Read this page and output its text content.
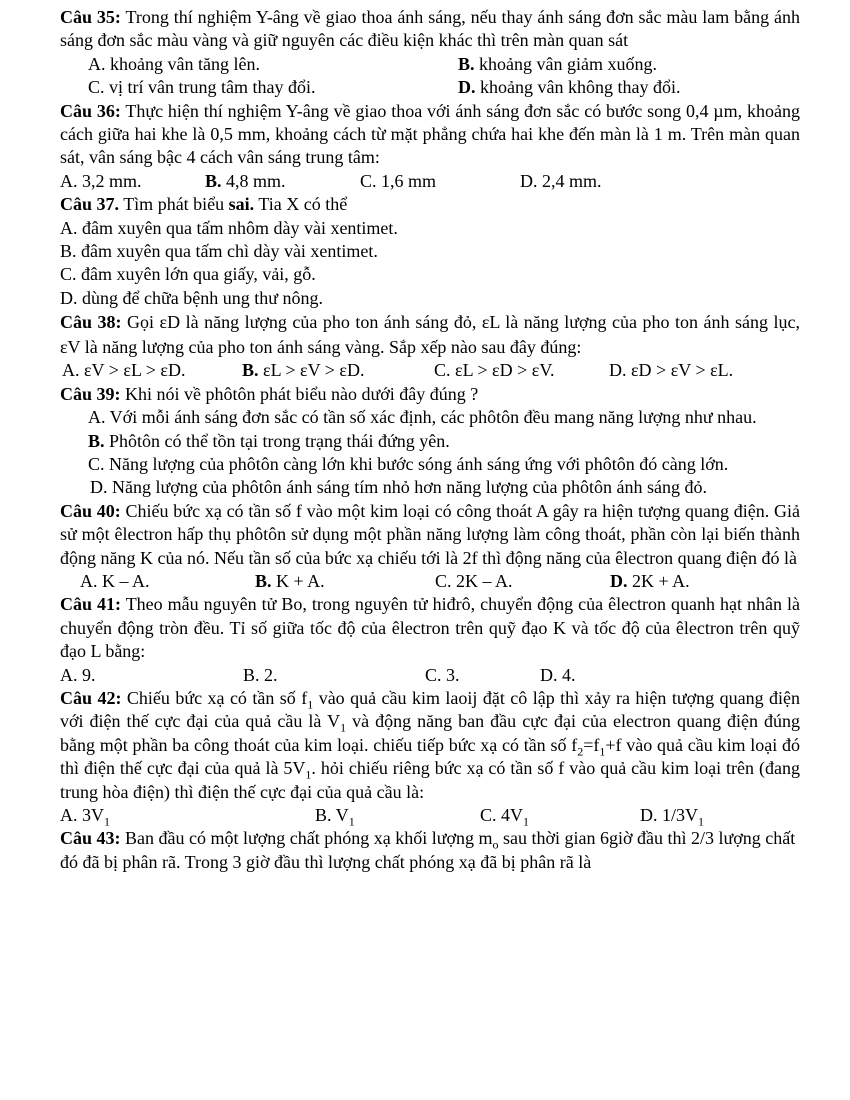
Câu 35: Trong thí nghiệm Y-âng về giao thoa ánh sáng, nếu thay ánh sáng đơn sắc màu lam bằng ánh sáng đơn sắc màu vàng và giữ nguyên các điều kiện khác thì trên màn quan sát

A. khoảng vân tăng lên.	B. khoảng vân giảm xuống.
C. vị trí vân trung tâm thay đổi.	D. khoảng vân không thay đổi.

Câu 36: Thực hiện thí nghiệm Y-âng về giao thoa với ánh sáng đơn sắc có bước song 0,4 µm, khoảng cách giữa hai khe là 0,5 mm, khoảng cách từ mặt phẳng chứa hai khe đến màn là 1 m. Trên màn quan sát, vân sáng bậc 4 cách vân sáng trung tâm:

A. 3,2 mm.	B. 4,8 mm.	C. 1,6 mm	D. 2,4 mm.

Câu 37. Tìm phát biểu sai. Tia X có thể

A. đâm xuyên qua tấm nhôm dày vài xentimet.

B. đâm xuyên qua tấm chì dày vài xentimet.

C. đâm xuyên lớn qua giấy, vải, gỗ.

D. dùng để chữa bệnh ung thư nông.

Câu 38: Gọi εD là năng lượng của pho ton ánh sáng đỏ, εL là năng lượng của pho ton ánh sáng lục, εV là năng lượng của pho ton ánh sáng vàng. Sắp xếp nào sau đây đúng:

A. εV > εL > εD.	B. εL > εV > εD.	C. εL > εD > εV.	D. εD > εV > εL.

Câu 39: Khi nói về phôtôn phát biểu nào dưới đây đúng ?

A. Với mỗi ánh sáng đơn sắc có tần số xác định, các phôtôn đều mang năng lượng như nhau.

B. Phôtôn có thể tồn tại trong trạng thái đứng yên.

C. Năng lượng của phôtôn càng lớn khi bước sóng ánh sáng ứng với phôtôn đó càng lớn.

D. Năng lượng của phôtôn ánh sáng tím nhỏ hơn năng lượng của phôtôn ánh sáng đỏ.

Câu 40: Chiếu bức xạ có tần số f vào một kim loại có công thoát A gây ra hiện tượng quang điện. Giả sử một êlectron hấp thụ phôtôn sử dụng một phần năng lượng làm công thoát, phần còn lại biến thành động năng K của nó. Nếu tần số của bức xạ chiếu tới là 2f thì động năng của êlectron quang điện đó là

A. K – A.	B. K + A.	C. 2K – A.	D. 2K + A.

Câu 41: Theo mẫu nguyên tử Bo, trong nguyên tử hiđrô, chuyển động của êlectron quanh hạt nhân là chuyển động tròn đều. Tỉ số giữa tốc độ của êlectron trên quỹ đạo K và tốc độ của êlectron trên quỹ đạo L bằng:

A. 9.	B. 2.	C. 3.	D. 4.

Câu 42: Chiếu bức xạ có tần số $f_1$ vào quả cầu kim laoij đặt cô lập thì xảy ra hiện tượng quang điện với điện thế cực đại của quả cầu là $V_1$ và động năng ban đầu cực đại của electron quang điện đúng bằng một phần ba công thoát của kim loại. chiếu tiếp bức xạ có tần số $f_2=f_1+f$ vào quả cầu kim loại đó thì điện thế cực đại của quả là $5V_1$. hỏi chiếu riêng bức xạ có tần số f vào quả cầu kim loại trên (đang trung hòa điện) thì điện thế cực đại của quả cầu là:

A. $3V_1$	B. $V_1$	C. $4V_1$	D. $1/3V_1$

Câu 43: Ban đầu có một lượng chất phóng xạ khối lượng $m_o$ sau thời gian 6giờ đầu thì 2/3 lượng chất đó đã bị phân rã. Trong 3 giờ đầu thì lượng chất phóng xạ đã bị phân rã là
